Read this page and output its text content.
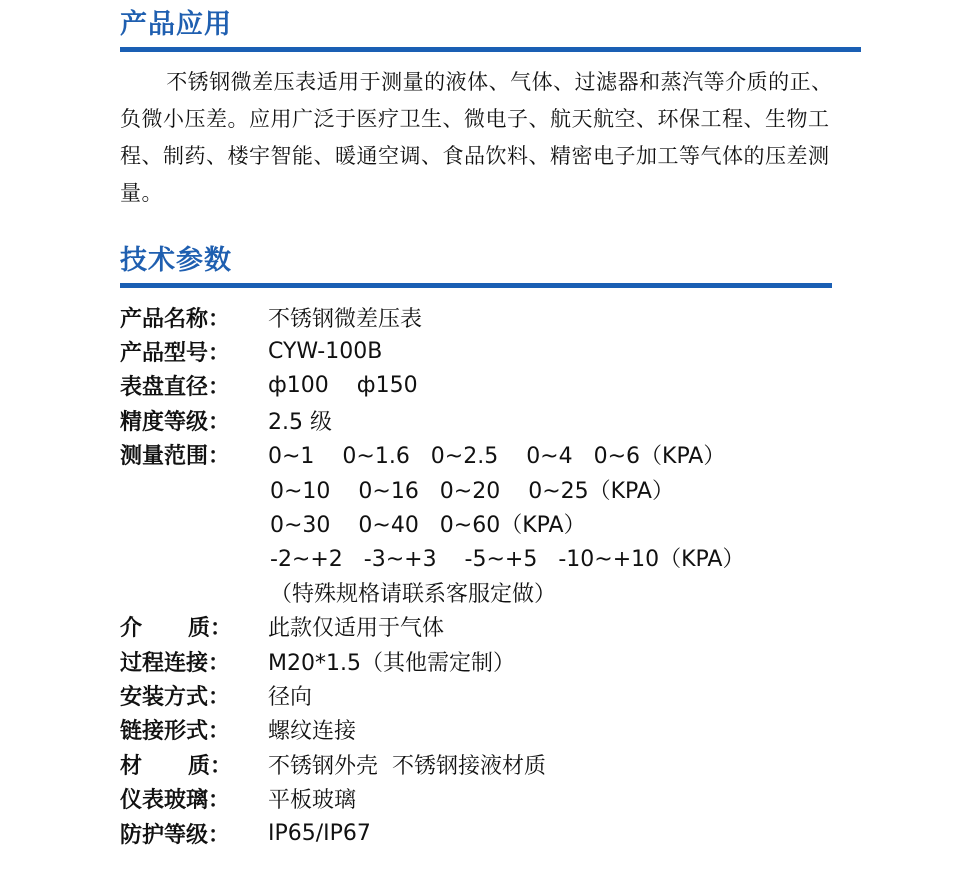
产品应用

不锈钢微差压表适用于测量的液体、气体、过滤器和蒸汽等介质的正、负微小压差。应用广泛于医疗卫生、微电子、航天航空、环保工程、生物工程、制药、楼宇智能、暖通空调、食品饮料、精密电子加工等气体的压差测量。

技术参数
产品名称：	不锈钢微差压表
产品型号：	CYW-100B
表盘直径：	ф100    ф150
精度等级：	2.5 级
测量范围：	0~1    0~1.6   0~2.5    0~4   0~6（KPA）
0~10    0~16   0~20    0~25（KPA）
0~30    0~40   0~60（KPA）
-2~+2   -3~+3    -5~+5   -10~+10（KPA）
（特殊规格请联系客服定做）
介      质：	此款仅适用于气体
过程连接：	M20*1.5（其他需定制）
安装方式：	径向
链接形式：	螺纹连接
材      质：	不锈钢外壳  不锈钢接液材质
仪表玻璃：	平板玻璃
防护等级：	IP65/IP67
